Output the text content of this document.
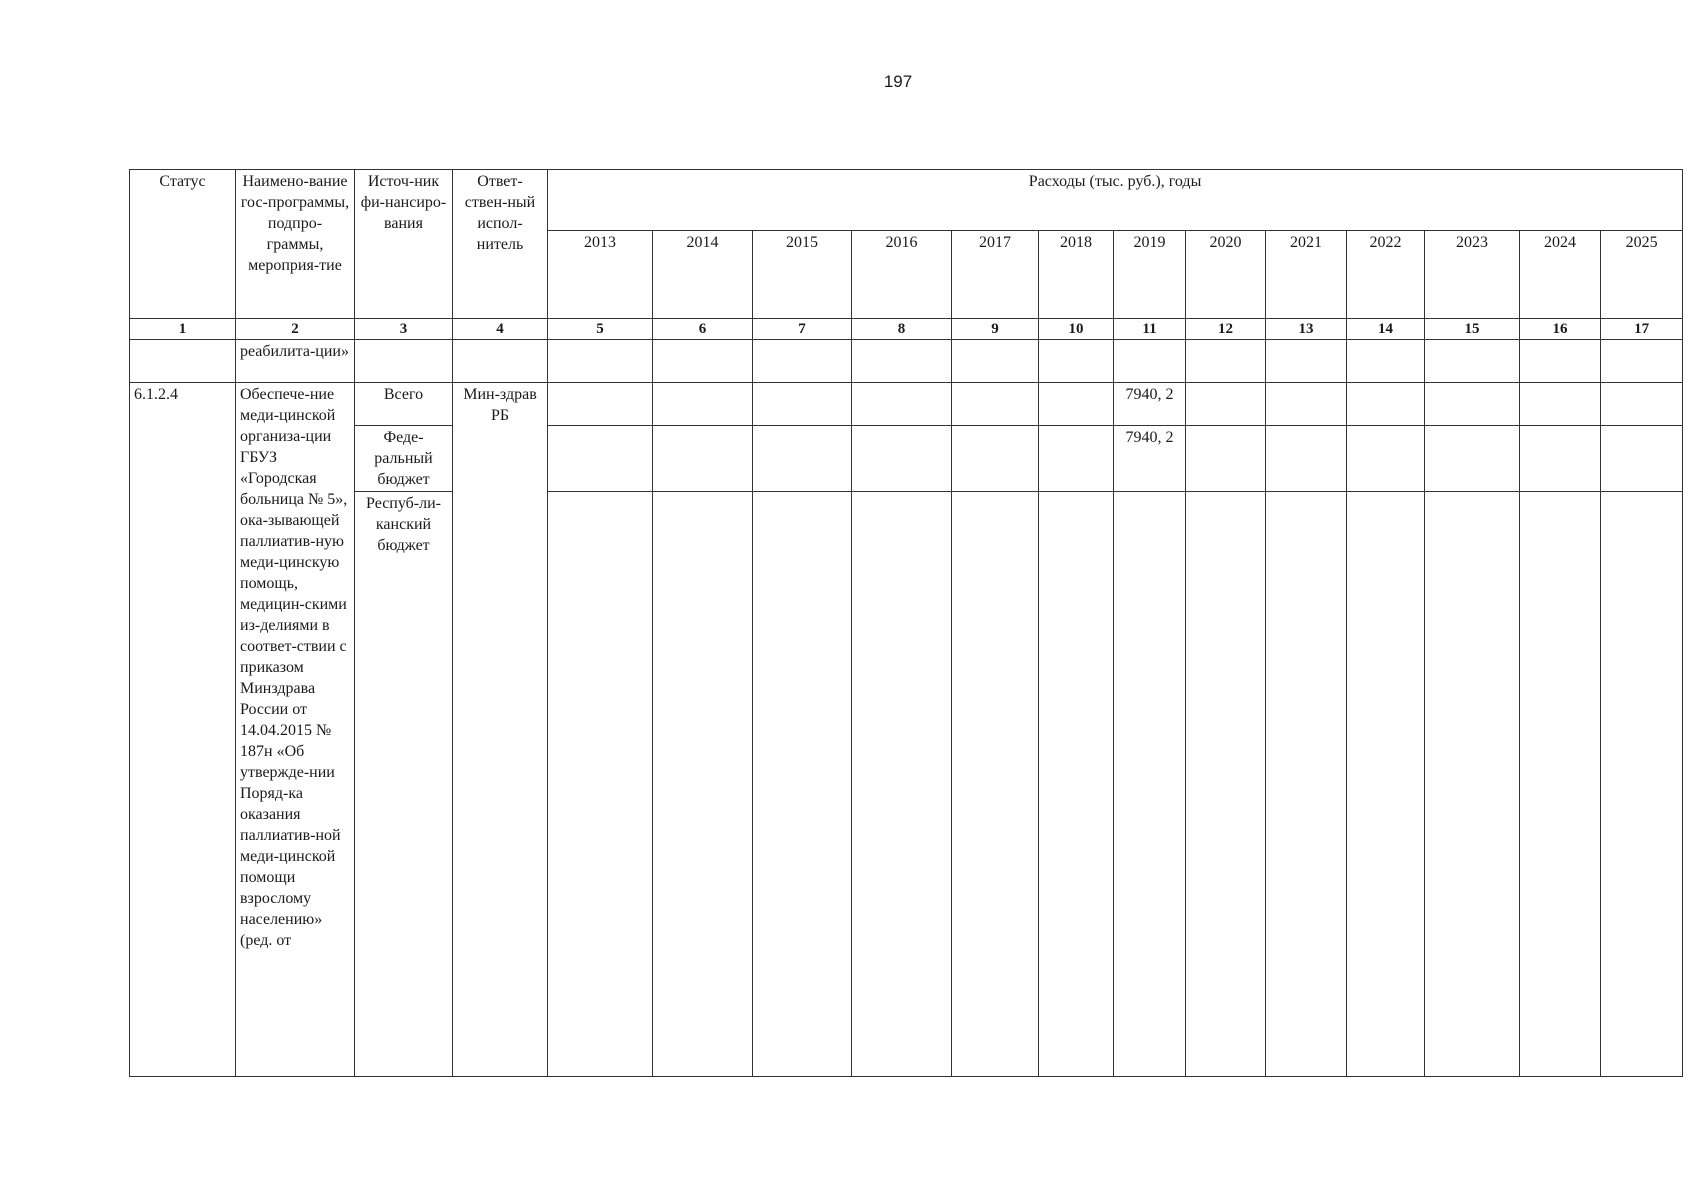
197
Статус	Наимено-вание гос-программы, подпро-граммы, мероприя-тие	Источ-ник фи-нансиро-вания	Ответ-ствен-ный испол-нитель	Расходы (тыс. руб.), годы												
				2013	2014	2015	2016	2017	2018	2019	2020	2021	2022	2023	2024	2025
1	2	3	4	5	6	7	8	9	10	11	12	13	14	15	16	17
	реабилита-ции»															
6.1.2.4	Обеспече-ние меди-цинской организа-ции ГБУЗ «Городская больница № 5», ока-зывающей паллиатив-ную меди-цинскую помощь, медицин-скими из-делиями в соответ-ствии с приказом Минздрава России от 14.04.2015 № 187н «Об утвержде-нии Поряд-ка оказания паллиатив-ной меди-цинской помощи взрослому населению» (ред. от	Всего	Мин-здрав РБ							7940, 2						
		Феде-ральный бюджет								7940, 2						
		Респуб-ли-канский бюджет														
